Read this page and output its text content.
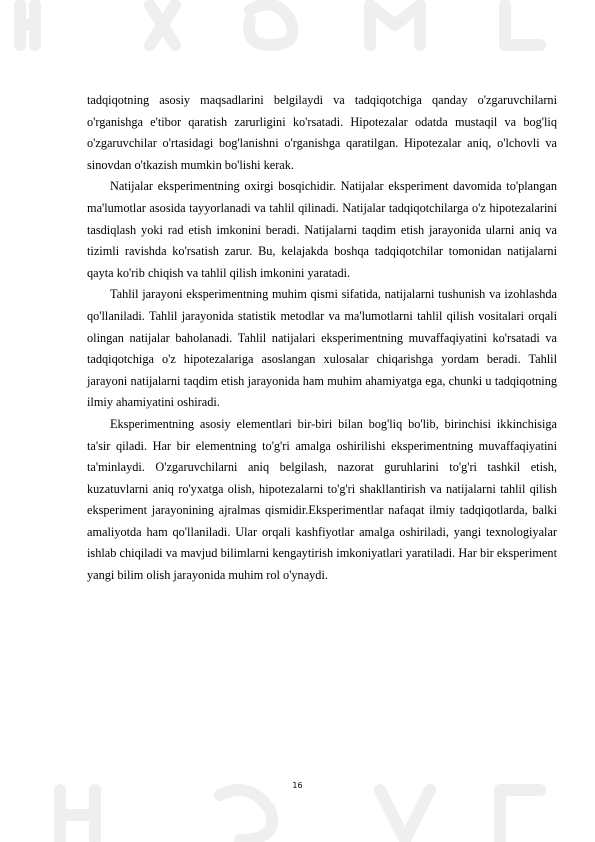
tadqiqotning asosiy maqsadlarini belgilaydi va tadqiqotchiga qanday o'zgaruvchilarni o'rganishga e'tibor qaratish zarurligini ko'rsatadi. Hipotezalar odatda mustaqil va bog'liq o'zgaruvchilar o'rtasidagi bog'lanishni o'rganishga qaratilgan. Hipotezalar aniq, o'lchovli va sinovdan o'tkazish mumkin bo'lishi kerak.

Natijalar eksperimentning oxirgi bosqichidir. Natijalar eksperiment davomida to'plangan ma'lumotlar asosida tayyorlanadi va tahlil qilinadi. Natijalar tadqiqotchilarga o'z hipotezalarini tasdiqlash yoki rad etish imkonini beradi. Natijalarni taqdim etish jarayonida ularni aniq va tizimli ravishda ko'rsatish zarur. Bu, kelajakda boshqa tadqiqotchilar tomonidan natijalarni qayta ko'rib chiqish va tahlil qilish imkonini yaratadi.

Tahlil jarayoni eksperimentning muhim qismi sifatida, natijalarni tushunish va izohlashda qo'llaniladi. Tahlil jarayonida statistik metodlar va ma'lumotlarni tahlil qilish vositalari orqali olingan natijalar baholanadi. Tahlil natijalari eksperimentning muvaffaqiyatini ko'rsatadi va tadqiqotchiga o'z hipotezalariga asoslangan xulosalar chiqarishga yordam beradi. Tahlil jarayoni natijalarni taqdim etish jarayonida ham muhim ahamiyatga ega, chunki u tadqiqotning ilmiy ahamiyatini oshiradi.

Eksperimentning asosiy elementlari bir-biri bilan bog'liq bo'lib, birinchisi ikkinchisiga ta'sir qiladi. Har bir elementning to'g'ri amalga oshirilishi eksperimentning muvaffaqiyatini ta'minlaydi. O'zgaruvchilarni aniq belgilash, nazorat guruhlarini to'g'ri tashkil etish, kuzatuvlarni aniq ro'yxatga olish, hipotezalarni to'g'ri shakllantirish va natijalarni tahlil qilish eksperiment jarayonining ajralmas qismidir.Eksperimentlar nafaqat ilmiy tadqiqotlarda, balki amaliyotda ham qo'llaniladi. Ular orqali kashfiyotlar amalga oshiriladi, yangi texnologiyalar ishlab chiqiladi va mavjud bilimlarni kengaytirish imkoniyatlari yaratiladi. Har bir eksperiment yangi bilim olish jarayonida muhim rol o'ynaydi.

16
